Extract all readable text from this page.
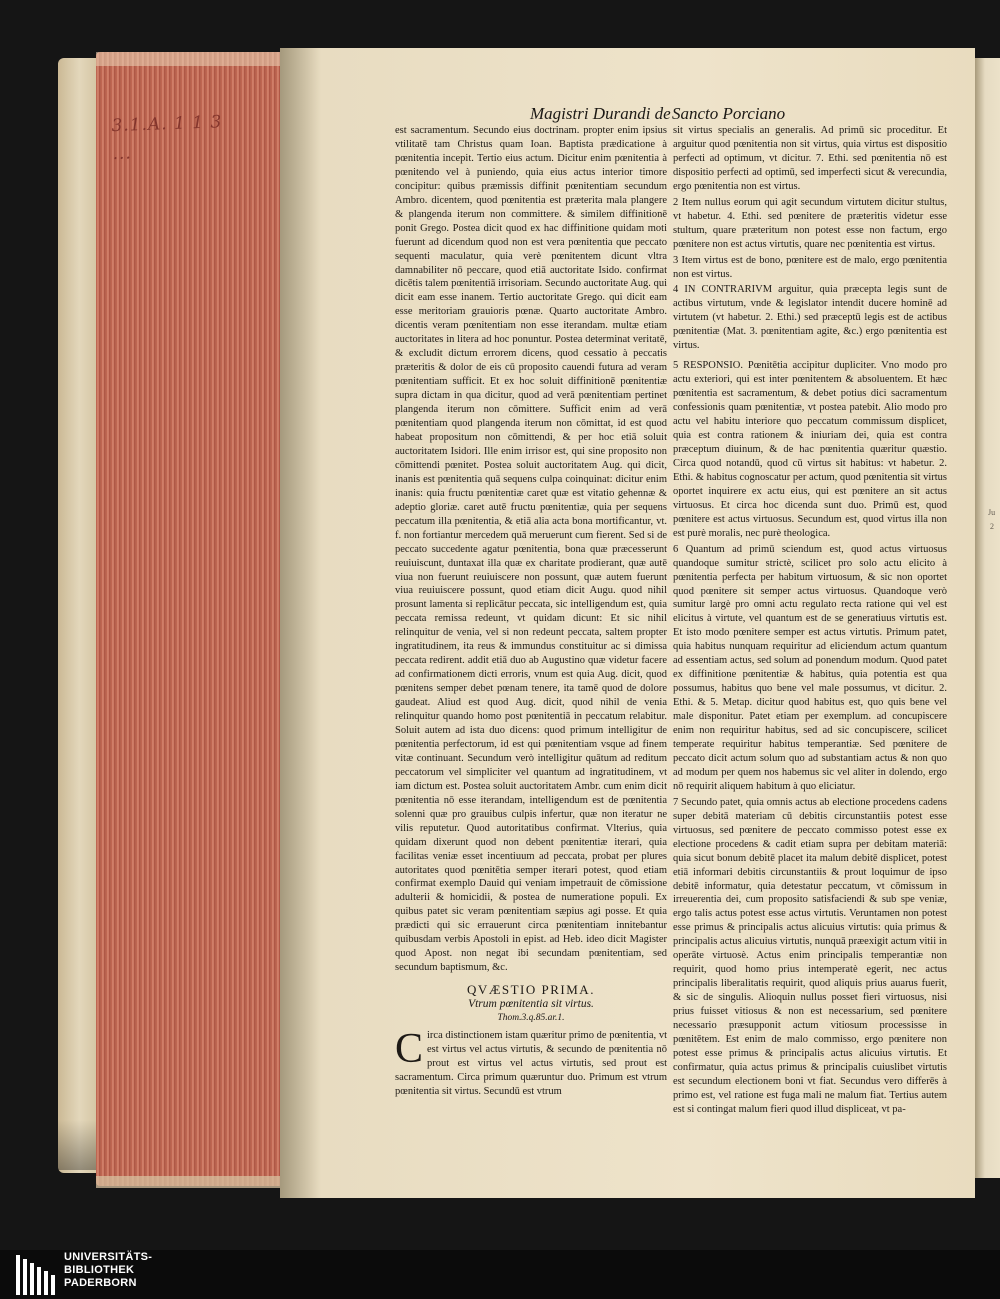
3.1.A. 1 1 3 ...
Ju
2
Magistri Durandi de Sancto Porciano

est sacramentum. Secundo eius doctrinam. propter enim ipsius vtilitatē tam Christus quam Ioan. Baptista prædicatione à pœnitentia incepit. Tertio eius actum. Dicitur enim pœnitentia à pœnitendo vel à puniendo, quia eius actus interior timore concipitur: quibus præmissis diffinit pœnitentiam secundum Ambro. dicentem, quod pœnitentia est præterita mala plangere & plangenda iterum non committere. & similem diffinitionē ponit Grego. Postea dicit quod ex hac diffinitione quidam moti fuerunt ad dicendum quod non est vera pœnitentia que peccato sequenti maculatur, quia verè pœnitentem dicunt vltra damnabiliter nō peccare, quod etiā auctoritate Isido. confirmat dicētis talem pœnitentiā irrisoriam. Secundo auctoritate Aug. qui dicit eam esse inanem. Tertio auctoritate Grego. qui dicit eam esse meritoriam grauioris pœnæ. Quarto auctoritate Ambro. dicentis veram pœnitentiam non esse iterandam. multæ etiam auctoritates in litera ad hoc ponuntur. Postea determinat veritatē, & excludit dictum errorem dicens, quod cessatio à peccatis præteritis & dolor de eis cū proposito cauendi futura ad veram pœnitentiam sufficit. Et ex hoc soluit diffinitionē pœnitentiæ supra dictam in qua dicitur, quod ad verā pœnitentiam pertinet plangenda iterum non cōmittere. Sufficit enim ad verā pœnitentiam quod plangenda iterum non cōmittat, id est quod habeat propositum non cōmittendi, & per hoc etiā soluit auctoritatem Isidori. Ille enim irrisor est, qui sine proposito non cōmittendi pœnitet. Postea soluit auctoritatem Aug. qui dicit, inanis est pœnitentia quā sequens culpa coinquinat: dicitur enim inanis: quia fructu pœnitentiæ caret quæ est vitatio gehennæ & adeptio gloriæ. caret autē fructu pœnitentiæ, quia per sequens peccatum illa pœnitentia, & etiā alia acta bona mortificantur, vt. f. non fortiantur mercedem quā meruerunt cum fierent. Sed si de peccato succedente agatur pœnitentia, bona quæ præcesserunt reuiuiscunt, duntaxat illa quæ ex charitate prodierant, quæ autē viua non fuerunt reuiuiscere non possunt, quæ autem fuerunt viua reuiuiscere possunt, quod etiam dicit Augu. quod nihil prosunt lamenta si replicātur peccata, sic intelligendum est, quia peccata remissa redeunt, vt quidam dicunt: Et sic nihil relinquitur de venia, vel si non redeunt peccata, saltem propter ingratitudinem, ita reus & immundus constituitur ac si dimissa peccata redirent. addit etiā duo ab Augustino quæ videtur facere ad confirmationem dicti erroris, vnum est quia Aug. dicit, quod pœnitens semper debet pœnam tenere, ita tamē quod de dolore gaudeat. Aliud est quod Aug. dicit, quod nihil de venia relinquitur quando homo post pœnitentiā in peccatum relabitur. Soluit autem ad ista duo dicens: quod primum intelligitur de pœnitentia perfectorum, id est qui pœnitentiam vsque ad finem vitæ continuant. Secundum verò intelligitur quātum ad reditum peccatorum vel simpliciter vel quantum ad ingratitudinem, vt iam dictum est. Postea soluit auctoritatem Ambr. cum enim dicit pœnitentia nō esse iterandam, intelligendum est de pœnitentia solenni quæ pro grauibus culpis infertur, quæ non iteratur ne vilis reputetur. Quod autoritatibus confirmat. Vlterius, quia quidam dixerunt quod non debent pœnitentiæ iterari, quia facilitas veniæ esset incentiuum ad peccata, probat per plures autoritates quod pœnitētia semper iterari potest, quod etiam confirmat exemplo Dauid qui veniam impetrauit de cōmissione adulterii & homicidii, & postea de numeratione populi. Ex quibus patet sic veram pœnitentiam sæpius agi posse. Et quia prædicti qui sic errauerunt circa pœnitentiam innitebantur quibusdam verbis Apostoli in epist. ad Heb. ideo dicit Magister quod Apost. non negat ibi secundam pœnitentiam, sed secundum baptismum, &c.

QVÆSTIO PRIMA.
Vtrum pœnitentia sit virtus.
Thom.3.q.85.ar.1.
C irca distinctionem istam quæritur primo de pœnitentia, vt est virtus vel actus virtutis, & secundo de pœnitentia nō prout est virtus vel actus virtutis, sed prout est sacramentum. Circa primum quæruntur duo. Primum est vtrum pœnitentia sit virtus. Secundū est vtrum

sit virtus specialis an generalis. Ad primū sic proceditur. Et arguitur quod pœnitentia non sit virtus, quia virtus est dispositio perfecti ad optimum, vt dicitur. 7. Ethi. sed pœnitentia nō est dispositio perfecti ad optimū, sed imperfecti sicut & verecundia, ergo pœnitentia non est virtus.

2 Item nullus eorum qui agit secundum virtutem dicitur stultus, vt habetur. 4. Ethi. sed pœnitere de præteritis videtur esse stultum, quare præteritum non potest esse non factum, ergo pœnitere non est actus virtutis, quare nec pœnitentia est virtus.

3 Item virtus est de bono, pœnitere est de malo, ergo pœnitentia non est virtus.

4 IN CONTRARIVM arguitur, quia præcepta legis sunt de actibus virtutum, vnde & legislator intendit ducere hominē ad virtutem (vt habetur. 2. Ethi.) sed præceptū legis est de actibus pœnitentiæ (Mat. 3. pœnitentiam agite, &c.) ergo pœnitentia est virtus.

5 RESPONSIO. Pœnitētia accipitur dupliciter. Vno modo pro actu exteriori, qui est inter pœnitentem & absoluentem. Et hæc pœnitentia est sacramentum, & debet potius dici sacramentum confessionis quam pœnitentiæ, vt postea patebit. Alio modo pro actu vel habitu interiore quo peccatum commissum displicet, quia est contra rationem & iniuriam dei, quia est contra præceptum diuinum, & de hac pœnitentia quæritur quæstio. Circa quod notandū, quod cū virtus sit habitus: vt habetur. 2. Ethi. & habitus cognoscatur per actum, quod pœnitentia sit virtus oportet inquirere ex actu eius, qui est pœnitere an sit actus virtuosus. Et circa hoc dicenda sunt duo. Primū est, quod pœnitere est actus virtuosus. Secundum est, quod virtus illa non est purè moralis, nec purè theologica.

6 Quantum ad primū sciendum est, quod actus virtuosus quandoque sumitur strictè, scilicet pro solo actu elicito à pœnitentia perfecta per habitum virtuosum, & sic non oportet quod pœnitere sit semper actus virtuosus. Quandoque verò sumitur largè pro omni actu regulato recta ratione qui vel est elicitus à virtute, vel quantum est de se generatiuus virtutis est. Et isto modo pœnitere semper est actus virtutis. Primum patet, quia habitus nunquam requiritur ad eliciendum actum quantum ad essentiam actus, sed solum ad ponendum modum. Quod patet ex diffinitione pœnitentiæ & habitus, quia potentia est qua possumus, habitus quo bene vel male possumus, vt dicitur. 2. Ethi. & 5. Metap. dicitur quod habitus est, quo quis bene vel male disponitur. Patet etiam per exemplum. ad concupiscere enim non requiritur habitus, sed ad sic concupiscere, scilicet temperate requiritur habitus temperantiæ. Sed pœnitere de peccato dicit actum solum quo ad substantiam actus & non quo ad modum per quem nos habemus sic vel aliter in dolendo, ergo nō requirit aliquem habitum à quo eliciatur.

7 Secundo patet, quia omnis actus ab electione procedens cadens super debitā materiam cū debitis circunstantiis potest esse virtuosus, sed pœnitere de peccato commisso potest esse ex electione procedens & cadit etiam supra per debitam materiā: quia sicut bonum debitē placet ita malum debitē displicet, potest etiā informari debitis circunstantiis & prout loquimur de ipso debitē informatur, quia detestatur peccatum, vt cōmissum in irreuerentia dei, cum proposito satisfaciendi & sub spe veniæ, ergo talis actus potest esse actus virtutis. Veruntamen non potest esse primus & principalis actus alicuius virtutis: quia primus & principalis actus alicuius virtutis, nunquā præexigit actum vitii in operāte virtuosè. Actus enim principalis temperantiæ non requirit, quod homo prius intemperatè egerit, nec actus principalis liberalitatis requirit, quod aliquis prius auarus fuerit, & sic de singulis. Alioquin nullus posset fieri virtuosus, nisi prius fuisset vitiosus & non est necessarium, sed pœnitere necessario præsupponit actum vitiosum processisse in pœnitētem. Est enim de malo commisso, ergo pœnitere non potest esse primus & principalis actus alicuius virtutis. Et confirmatur, quia actus primus & principalis cuiuslibet virtutis est secundum electionem boni vt fiat. Secundus vero differēs à primo est, vel ratione est fuga mali ne malum fiat. Tertius autem est si contingat malum fieri quod illud displiceat, vt pa-

UNIVERSITÄTS-
BIBLIOTHEK
PADERBORN
